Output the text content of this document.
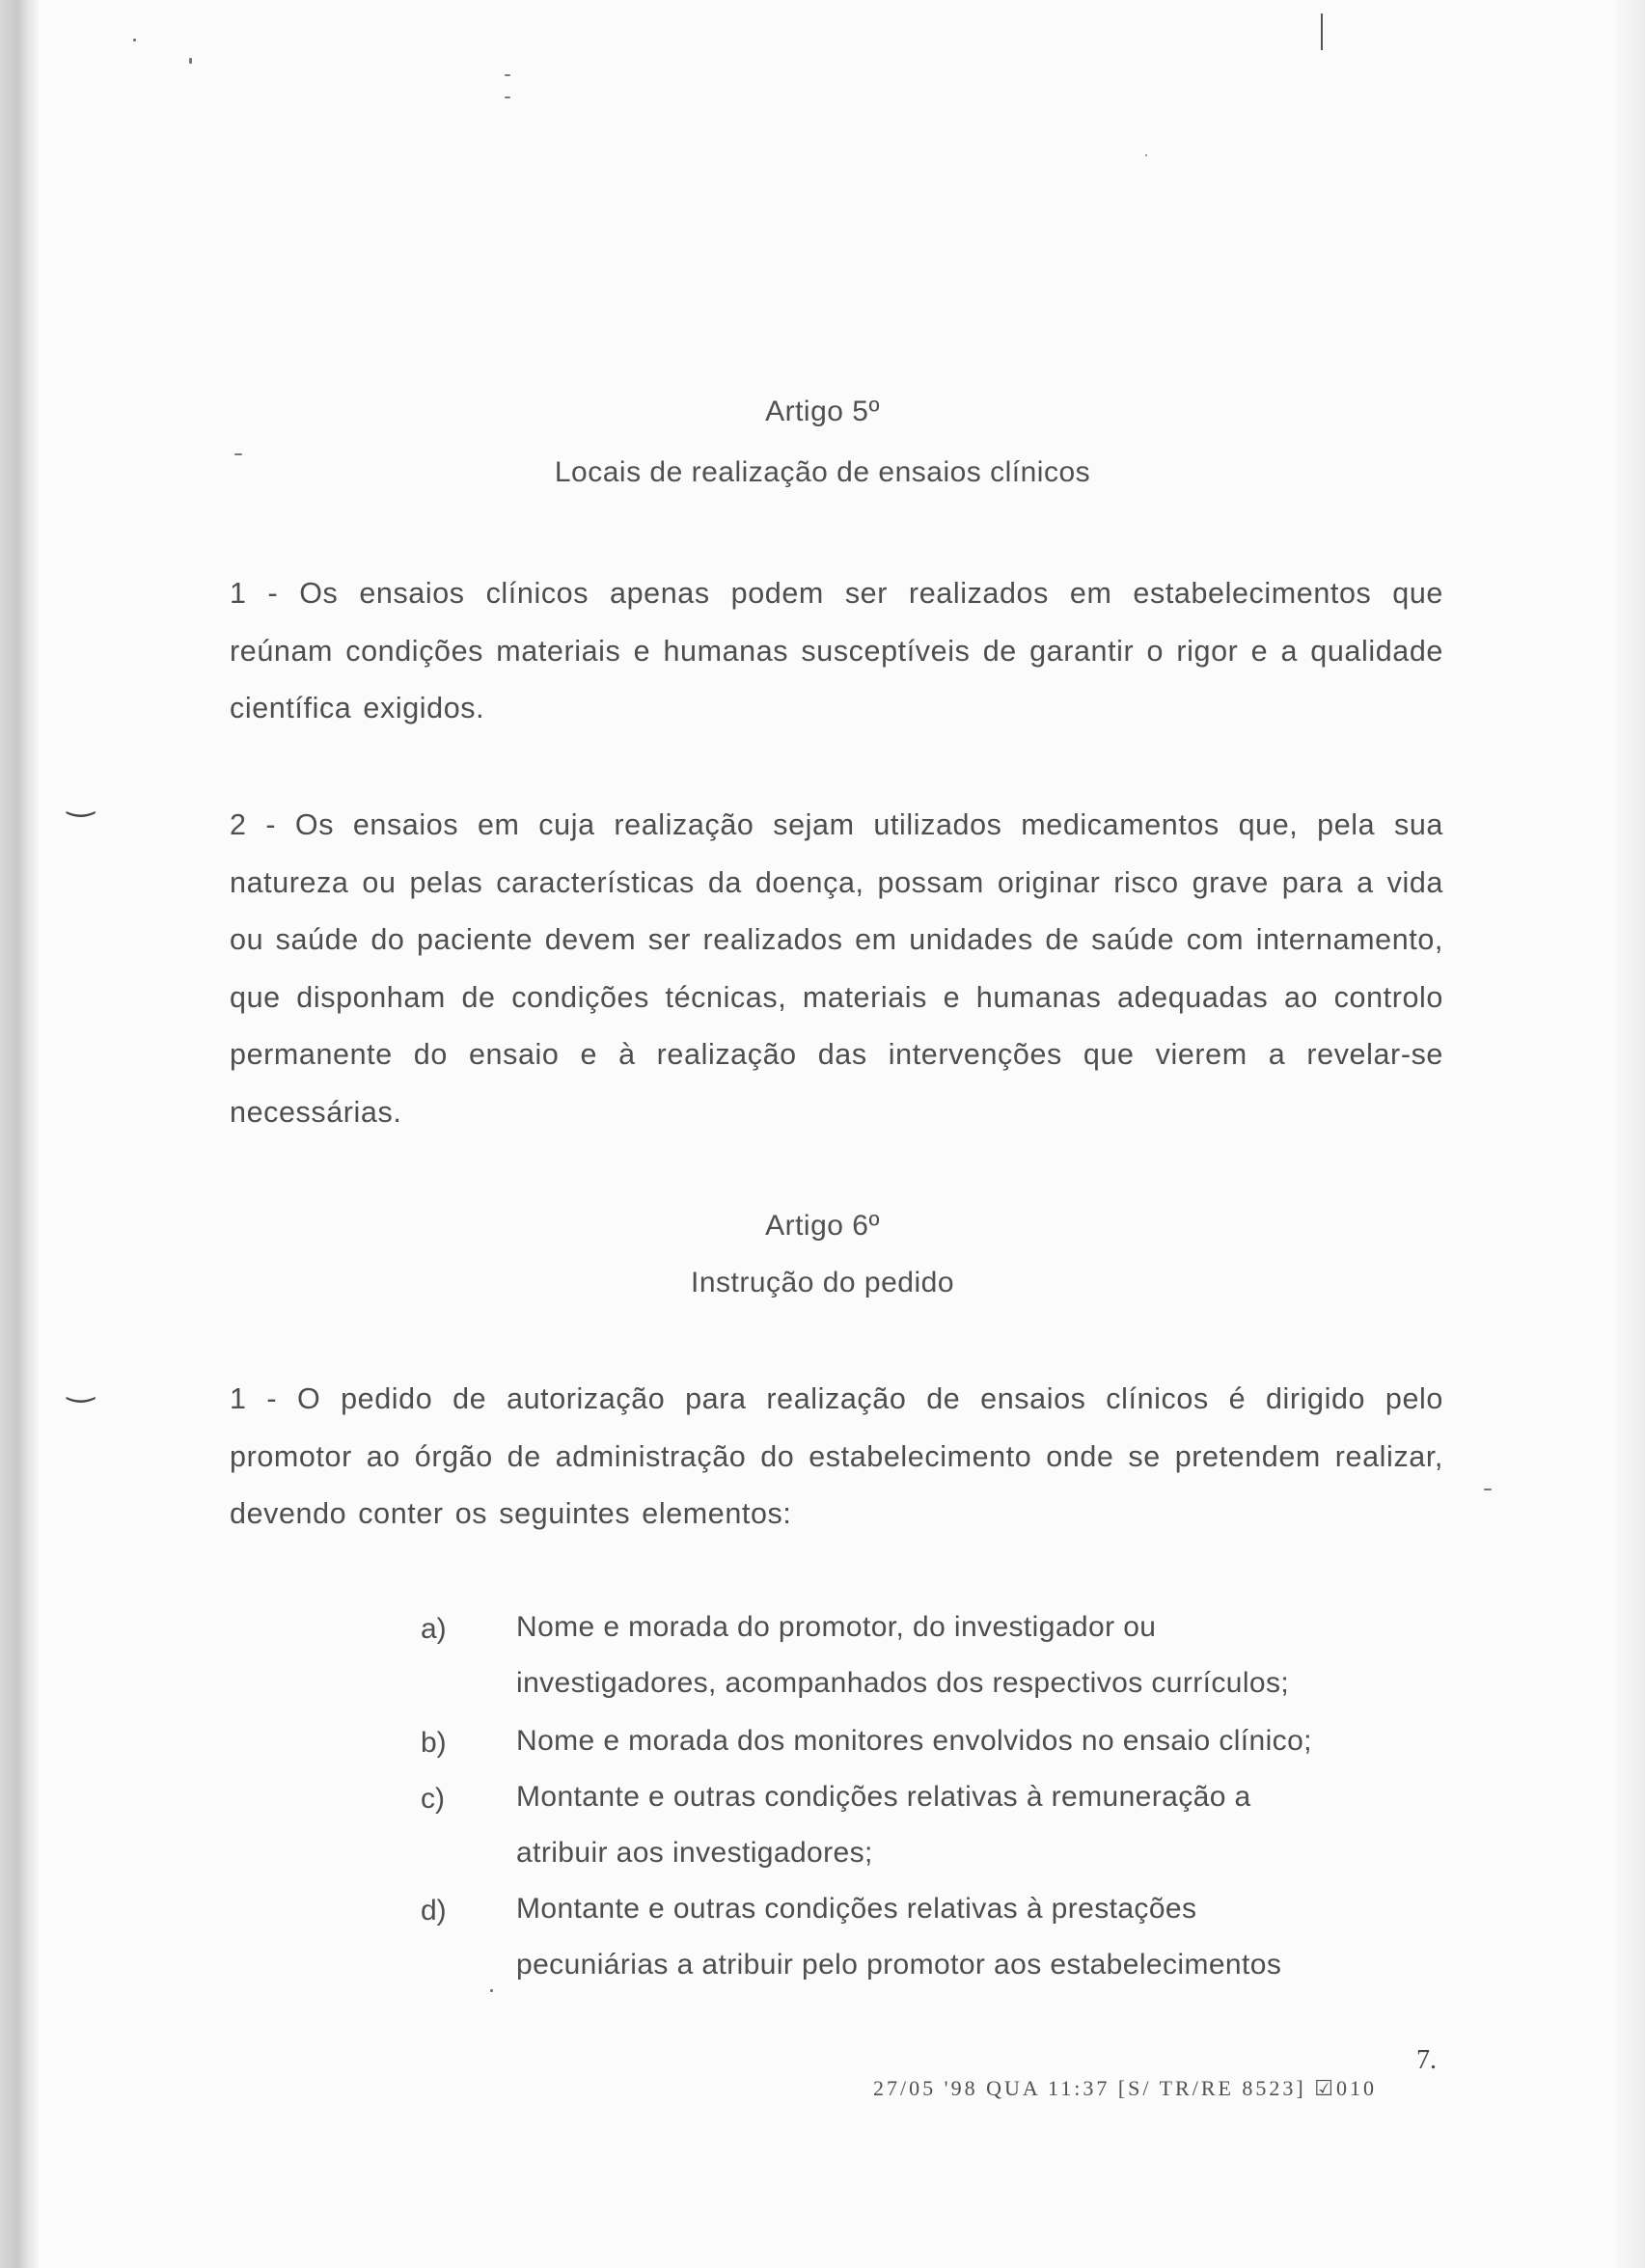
Artigo 5º
Locais de realização de ensaios clínicos
1 - Os ensaios clínicos apenas podem ser realizados em estabelecimentos que reúnam condições materiais e humanas susceptíveis de garantir o rigor e a qualidade científica exigidos.
‿
2 - Os ensaios em cuja realização sejam utilizados medicamentos que, pela sua natureza ou pelas características da doença, possam originar risco grave para a vida ou saúde do paciente devem ser realizados em unidades de saúde com internamento, que disponham de condições técnicas, materiais e humanas adequadas ao controlo permanente do ensaio e à realização das intervenções que vierem a revelar-se necessárias.
Artigo 6º
Instrução do pedido
‿	1 - O pedido de autorização para realização de ensaios clínicos é dirigido pelo promotor ao órgão de administração do estabelecimento onde se pretendem realizar, devendo conter os seguintes elementos:
a)	Nome e morada do promotor, do investigador ou
investigadores, acompanhados dos respectivos currículos;
b)	Nome e morada dos monitores envolvidos no ensaio clínico;
c)	Montante e outras condições relativas à remuneração a
atribuir aos investigadores;
d)	Montante e outras condições relativas à prestações
pecuniárias a atribuir pelo promotor aos estabelecimentos
7.
27/05 '98 QUA 11:37 [S/ TR/RE 8523] ☑010
